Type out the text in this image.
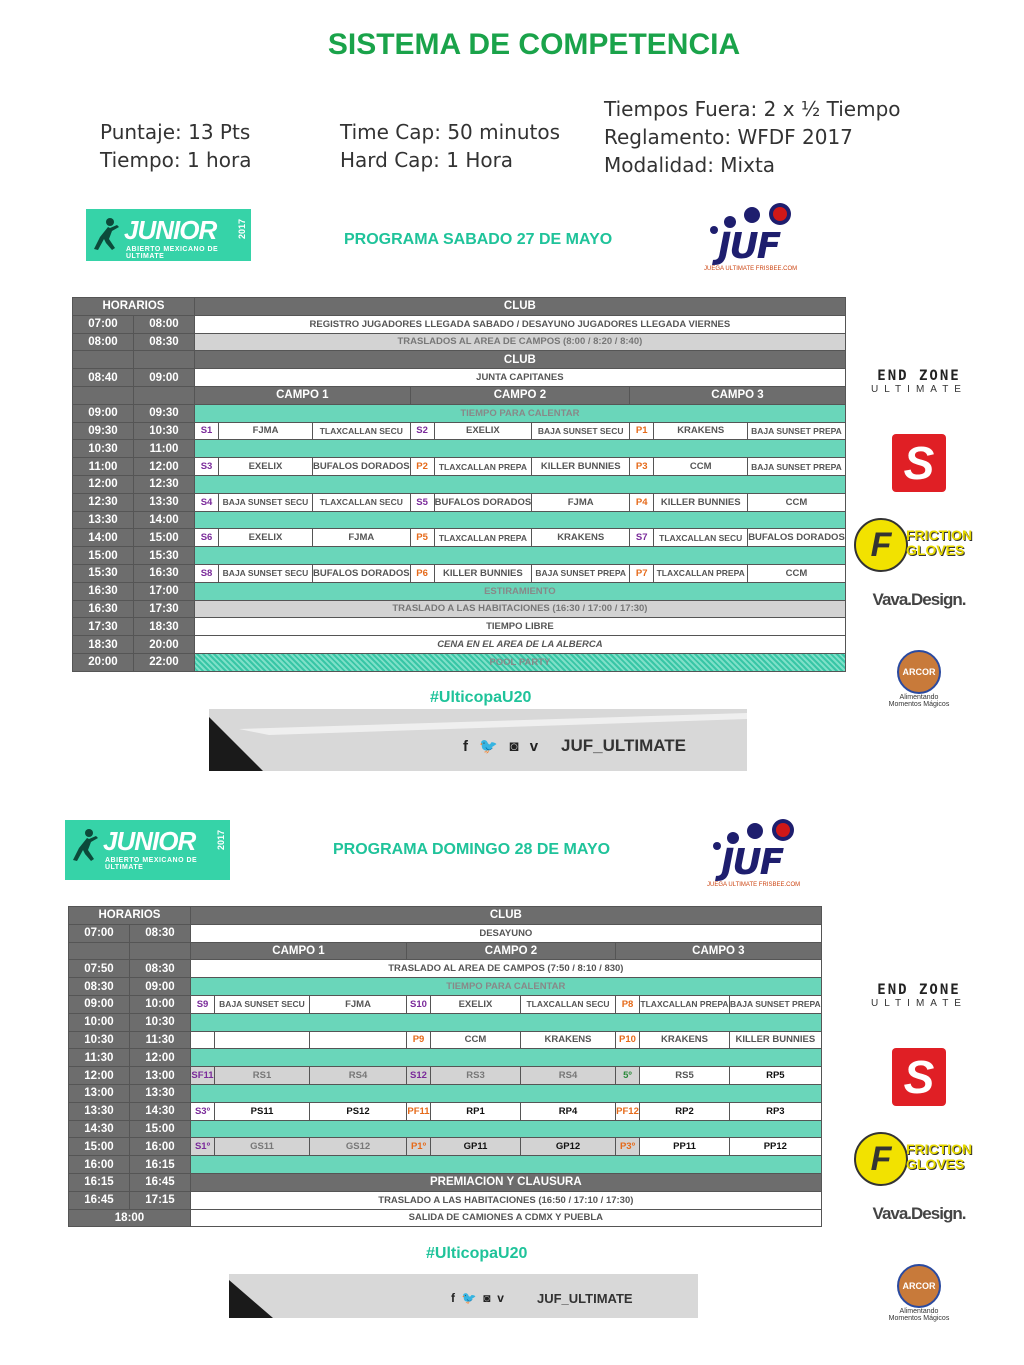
SISTEMA DE COMPETENCIA
Puntaje: 13 Pts
Tiempo: 1 hora
Time Cap: 50 minutos
Hard Cap: 1 Hora
Tiempos Fuera: 2 x ½ Tiempo
Reglamento: WFDF 2017
Modalidad: Mixta
JUNIOR
ABIERTO MEXICANO DE ULTIMATE
2017
PROGRAMA SABADO 27 DE MAYO	JUF
JUEGA ULTIMATE FRISBEE.COM
HORARIOS		CLUB								
07:00	08:00	REGISTRO JUGADORES LLEGADA SABADO / DESAYUNO JUGADORES LLEGADA VIERNES								
08:00	08:30	TRASLADOS AL AREA DE CAMPOS (8:00 / 8:20 / 8:40)								
		CLUB								
08:40	09:00	JUNTA CAPITANES								
		CAMPO 1			CAMPO 2			CAMPO 3		
09:00	09:30	TIEMPO PARA CALENTAR								
09:30	10:30	S1	FJMA	TLAXCALLAN SECU	S2	EXELIX	BAJA SUNSET SECU	P1	KRAKENS	BAJA SUNSET PREPA
10:30	11:00									
11:00	12:00	S3	EXELIX	BUFALOS DORADOS	P2	TLAXCALLAN PREPA	KILLER BUNNIES	P3	CCM	BAJA SUNSET PREPA
12:00	12:30									
12:30	13:30	S4	BAJA SUNSET SECU	TLAXCALLAN SECU	S5	BUFALOS DORADOS	FJMA	P4	KILLER BUNNIES	CCM
13:30	14:00									
14:00	15:00	S6	EXELIX	FJMA	P5	TLAXCALLAN PREPA	KRAKENS	S7	TLAXCALLAN SECU	BUFALOS DORADOS
15:00	15:30									
15:30	16:30	S8	BAJA SUNSET SECU	BUFALOS DORADOS	P6	KILLER BUNNIES	BAJA SUNSET PREPA	P7	TLAXCALLAN PREPA	CCM
16:30	17:00	ESTIRAMIENTO								
16:30	17:30	TRASLADO A LAS HABITACIONES (16:30 / 17:00 / 17:30)								
17:30	18:30	TIEMPO LIBRE								
18:30	20:00	CENA EN EL AREA DE LA ALBERCA								
20:00	22:00	POOL PARTY								
#UlticopaU20
f  🐦  ◙  v JUF_ULTIMATE
JUNIOR
ABIERTO MEXICANO DE ULTIMATE
2017	PROGRAMA DOMINGO 28 DE MAYO	JUF
JUEGA ULTIMATE FRISBEE.COM
HORARIOS		CLUB								
07:00	08:30	DESAYUNO								
		CAMPO 1			CAMPO 2			CAMPO 3		
07:50	08:30	TRASLADO AL AREA DE CAMPOS (7:50 / 8:10 / 830)								
08:30	09:00	TIEMPO PARA CALENTAR								
09:00	10:00	S9	BAJA SUNSET SECU	FJMA	S10	EXELIX	TLAXCALLAN SECU	P8	TLAXCALLAN PREPA	BAJA SUNSET PREPA
10:00	10:30									
10:30	11:30				P9	CCM	KRAKENS	P10	KRAKENS	KILLER BUNNIES
11:30	12:00									
12:00	13:00	SF11	RS1	RS4	S12	RS3	RS4	5º	RS5	RP5
13:00	13:30									
13:30	14:30	S3º	PS11	PS12	PF11	RP1	RP4	PF12	RP2	RP3
14:30	15:00									
15:00	16:00	S1º	GS11	GS12	P1º	GP11	GP12	P3º	PP11	PP12
16:00	16:15									
16:15	16:45	PREMIACION Y CLAUSURA								
16:45	17:15	TRASLADO A LAS HABITACIONES (16:50 / 17:10 / 17:30)								
18:00		SALIDA DE CAMIONES A CDMX Y PUEBLA								
#UlticopaU20
f  🐦  ◙  v	JUF_ULTIMATE
END ZONE
ULTIMATE
S
F	FRICTION
GLOVES
Vava.Design.
ARCOR
Alimentando
Momentos Mágicos
END ZONE
ULTIMATE
S
F	FRICTION
GLOVES
Vava.Design.
ARCOR
Alimentando
Momentos Mágicos
